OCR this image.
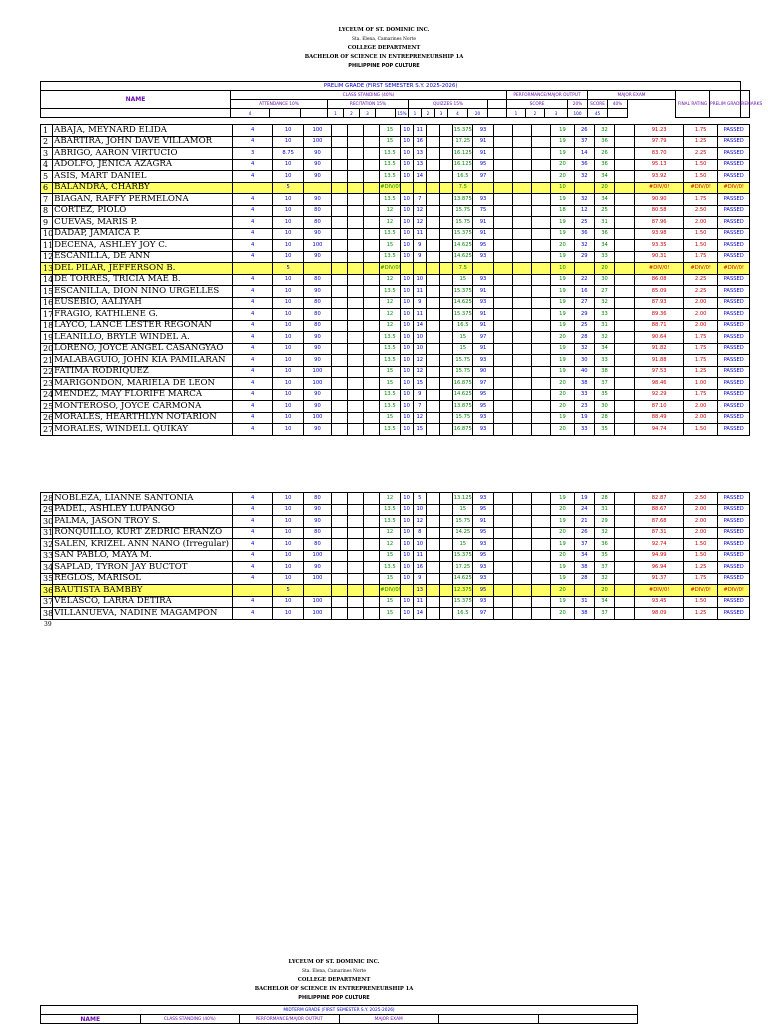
LYCEUM OF ST. DOMINIC INC.
Sta. Elena, Camarines Norte
COLLEGE DEPARTMENT
BACHELOR OF SCIENCE IN ENTREPRENEURSHIP 1A
PHILIPPINE POP CULTURE
PRELIM GRADE (FIRST SEMESTER S.Y. 2025-2026)																							
NAME	CLASS STANDING (40%)														PERFORMANCE/MAJOR OUTPUT				MAJOR EXAM		FINAL RATING	PRELIM GRADE	REMARKS
	ATTENDANCE 10%			RECITATION 15%					QUIZZES 15%						SCORE			20%	SCORE	40%			
	4			1	2	3		15%	1	2	3	4	20		1	2	3	100	45				
1	ABAJA, MEYNARD ELIDA	4	10	100				15	10	11			15.375	93				19	26	32		91.23	1.75	PASSED
2	ABARTIRA, JOHN DAVE VILLAMOR	4	10	100				15	10	16			17.25	91				19	37	36		97.79	1.25	PASSED
3	ABRIGO, AARON VIRTUCIO	3	8.75	90				13.5	10	13			16.125	91				19	14	26		83.70	2.25	PASSED
4	ADOLFO, JENICA AZAGRA	4	10	90				13.5	10	13			16.125	95				20	36	36		95.13	1.50	PASSED
5	ASIS, MART DANIEL	4	10	90				13.5	10	14			16.5	97				20	32	34		93.92	1.50	PASSED
6	BALANDRA, CHARBY		5					#DIV/0!					7.5					10		20		#DIV/0!	#DIV/0!	#DIV/0!
7	BIAGAN, RAFFY PERMELONA	4	10	90				13.5	10	7			13.875	93				19	32	34		90.90	1.75	PASSED
8	CORTEZ, PIOLO	4	10	80				12	10	12			15.75	75				18	12	25		80.58	2.50	PASSED
9	CUEVAS, MARIS P.	4	10	80				12	10	12			15.75	91				19	25	31		87.96	2.00	PASSED
10	DADAP, JAMAICA P.	4	10	90				13.5	10	11			15.375	91				19	36	36		93.98	1.50	PASSED
11	DECENA, ASHLEY JOY C.	4	10	100				15	10	9			14.625	95				20	32	34		93.35	1.50	PASSED
12	ESCANILLA, DE ANN	4	10	90				13.5	10	9			14.625	93				19	29	33		90.31	1.75	PASSED
13	DEL PILAR, JEFFERSON B.		5					#DIV/0!					7.5					10		20		#DIV/0!	#DIV/0!	#DIV/0!
14	DE TORRES, TRICIA MAE B.	4	10	80				12	10	10			15	93				19	22	30		86.08	2.25	PASSED
15	ESCANILLA, DION NINO URGELLES	4	10	90				13.5	10	11			15.375	91				19	16	27		85.09	2.25	PASSED
16	EUSEBIO, AALIYAH	4	10	80				12	10	9			14.625	93				19	27	32		87.93	2.00	PASSED
17	FRAGIO, KATHLENE G.	4	10	80				12	10	11			15.375	91				19	29	33		89.36	2.00	PASSED
18	LAYCO, LANCE LESTER REGONAN	4	10	80				12	10	14			16.5	91				19	25	31		88.71	2.00	PASSED
19	LEANILLO, BRYLE WINDEL A.	4	10	90				13.5	10	10			15	97				20	28	32		90.64	1.75	PASSED
20	LORENO, JOYCE ANGEL CASANGYAO	4	10	90				13.5	10	10			15	91				19	32	34		91.82	1.75	PASSED
21	MALABAGUIO, JOHN KIA PAMILARAN	4	10	90				13.5	10	12			15.75	93				19	30	33		91.88	1.75	PASSED
22	FATIMA RODRIQUEZ	4	10	100				15	10	12			15.75	90				19	40	38		97.53	1.25	PASSED
23	MARIGONDON, MARIELA DE LEON	4	10	100				15	10	15			16.875	97				20	38	37		98.46	1.00	PASSED
24	MENDEZ, MAY FLORIFE MARCA	4	10	90				13.5	10	9			14.625	95				20	33	35		92.29	1.75	PASSED
25	MONTEROSO, JOYCE CARMONA	4	10	90				13.5	10	7			13.875	95				20	23	30		87.10	2.00	PASSED
26	MORALES, HEARTHLYN NOTARION	4	10	100				15	10	12			15.75	93				19	19	28		88.49	2.00	PASSED
27	MORALES, WINDELL QUIKAY	4	10	90				13.5	10	15			16.875	93				20	33	35		94.74	1.50	PASSED
28	NOBLEZA, LIANNE SANTONIA	4	10	80				12	10	5			13.125	93				19	19	28		82.87	2.50	PASSED
29	PADEL, ASHLEY LUPANGO	4	10	90				13.5	10	10			15	95				20	24	31		88.67	2.00	PASSED
30	PALMA, JASON TROY S.	4	10	90				13.5	10	12			15.75	91				19	21	29		87.68	2.00	PASSED
31	RONQUILLO, KURT ZEDRIC ERANZO	4	10	80				12	10	8			14.25	95				20	26	32		87.31	2.00	PASSED
32	SALEN, KRIZEL ANN NANO (Irregular)	4	10	80				12	10	10			15	93				19	37	36		92.74	1.50	PASSED
33	SAN PABLO, MAYA M.	4	10	100				15	10	11			15.375	95				20	34	35		94.99	1.50	PASSED
34	SAPLAD, TYRON JAY BUCTOT	4	10	90				13.5	10	16			17.25	93				19	38	37		96.94	1.25	PASSED
35	REGLOS, MARISOL	4	10	100				15	10	9			14.625	93				19	28	32		91.37	1.75	PASSED
36	BAUTISTA BAMBBY		5					#DIV/0!		13			12.375	95				20		20		#DIV/0!	#DIV/0!	#DIV/0!
37	VELASCO, LARRA DETIRA	4	10	100				15	10	11			15.375	93				19	31	34		93.45	1.50	PASSED
38	VILLANUEVA, NADINE MAGAMPON	4	10	100				15	10	14			16.5	97				20	38	37		98.09	1.25	PASSED
39
LYCEUM OF ST. DOMINIC INC.
Sta. Elena, Camarines Norte
COLLEGE DEPARTMENT
BACHELOR OF SCIENCE IN ENTREPRENEURSHIP 1A
PHILIPPINE POP CULTURE
MIDTERM GRADE (FIRST SEMESTER S.Y. 2025-2026)
NAME	CLASS STANDING (40%)	PERFORMANCE/MAJOR OUTPUT	MAJOR EXAM		
